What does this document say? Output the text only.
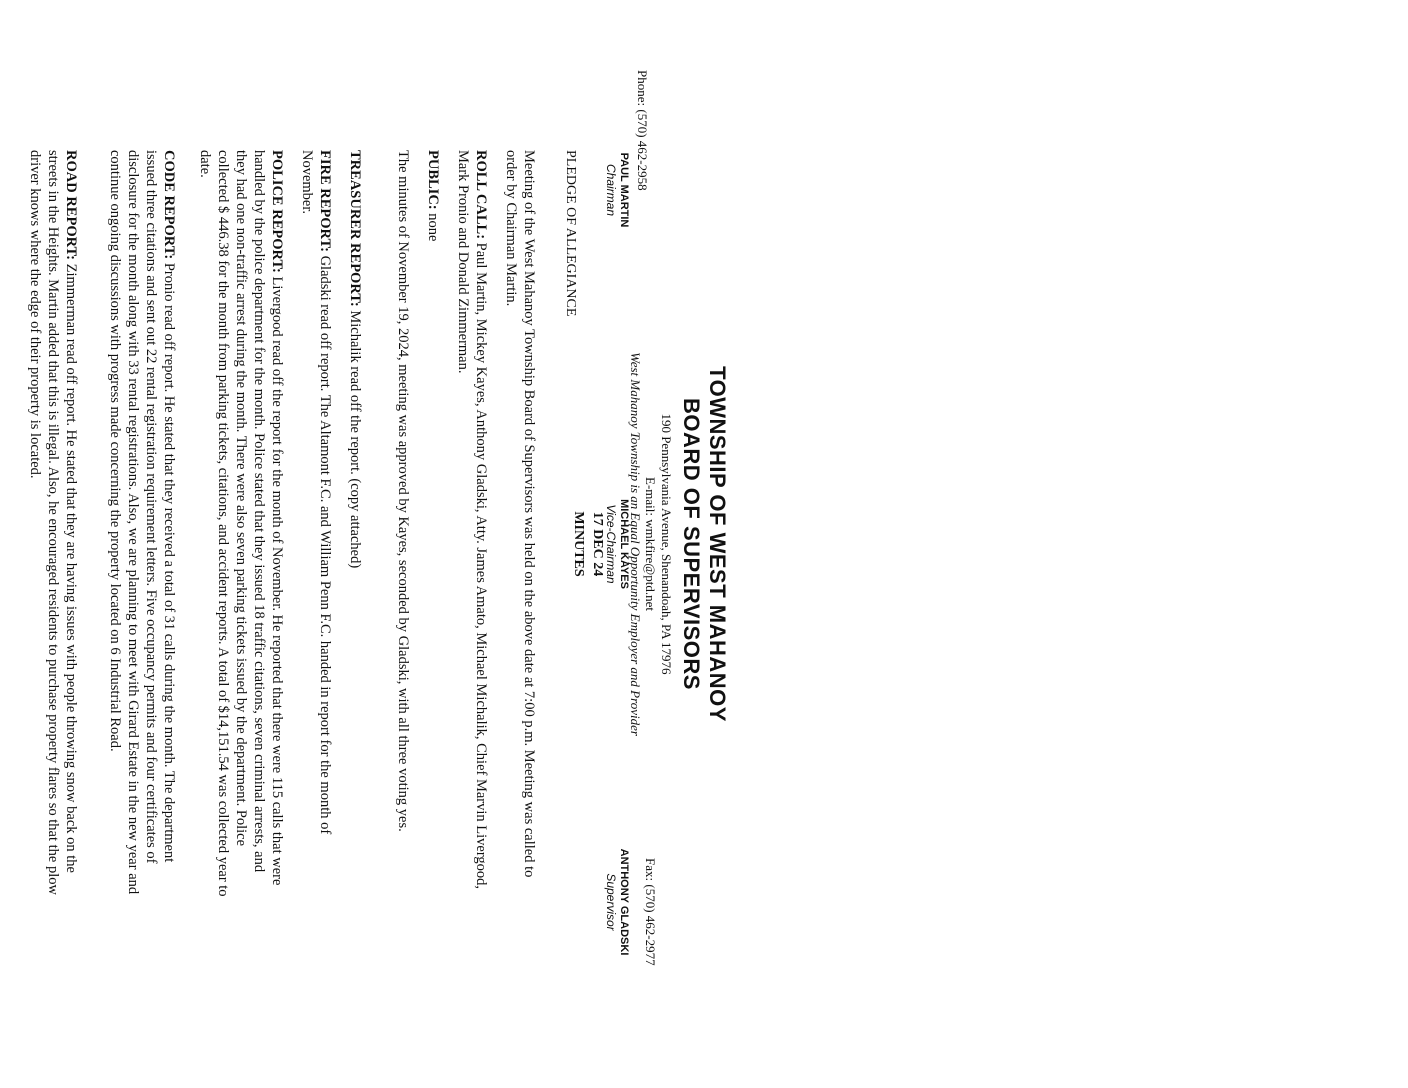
TOWNSHIP OF WEST MAHANOY
BOARD OF SUPERVISORS
190 Pennsylvania Avenue, Shenandoah, PA 17976
E-mail: wmkfire@ptd.net
Phone: (570) 462-2958
Fax: (570) 462-2977
West Mahanoy Township is an Equal Opportunity Employer and Provider
PAUL MARTIN
Chairman
MICHAEL KAYES
Vice-Chairman
ANTHONY GLADSKI
Supervisor
17 DEC 24
MINUTES
PLEDGE OF ALLEGIANCE
Meeting of the West Mahanoy Township Board of Supervisors was held on the above date at 7:00 p.m. Meeting was called to order by Chairman Martin.
ROLL CALL: Paul Martin, Mickey Kayes, Anthony Gladski, Atty. James Amato, Michael Michalik, Chief Marvin Livergood, Mark Pronio and Donald Zimmerman.
PUBLIC: none
The minutes of November 19, 2024, meeting was approved by Kayes, seconded by Gladski, with all three voting yes.
TREASURER REPORT: Michalik read off the report. (copy attached)
FIRE REPORT: Gladski read off report. The Altamont F.C. and William Penn F.C. handed in report for the month of November.
POLICE REPORT: Livergood read off the report for the month of November. He reported that there were 115 calls that were handled by the police department for the month. Police stated that they issued 18 traffic citations, seven criminal arrests, and they had one non-traffic arrest during the month. There were also seven parking tickets issued by the department. Police collected $ 446.38 for the month from parking tickets, citations, and accident reports. A total of $14,151.54 was collected year to date.
CODE REPORT: Pronio read off report. He stated that they received a total of 31 calls during the month. The department issued three citations and sent out 22 rental registration requirement letters. Five occupancy permits and four certificates of disclosure for the month along with 33 rental registrations. Also, we are planning to meet with Girard Estate in the new year and continue ongoing discussions with progress made concerning the property located on 6 Industrial Road.
ROAD REPORT: Zimmerman read off report. He stated that they are having issues with people throwing snow back on the streets in the Heights. Martin added that this is illegal. Also, he encouraged residents to purchase property flares so that the plow driver knows where the edge of their property is located.
